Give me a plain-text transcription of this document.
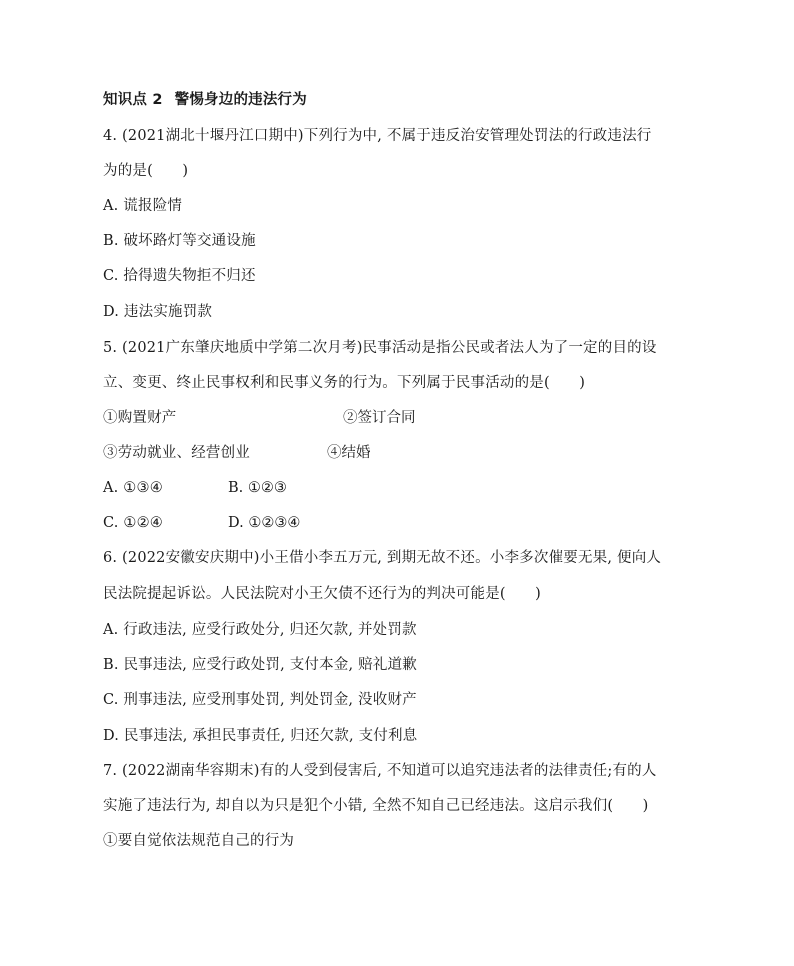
知识点 2 警惕身边的违法行为
4. (2021湖北十堰丹江口期中)下列行为中, 不属于违反治安管理处罚法的行政违法行
为的是(　　)
A. 谎报险情
B. 破坏路灯等交通设施
C. 拾得遗失物拒不归还
D. 违法实施罚款
5. (2021广东肇庆地质中学第二次月考)民事活动是指公民或者法人为了一定的目的设
立、变更、终止民事权利和民事义务的行为。下列属于民事活动的是(　　)
①购置财产	②签订合同
③劳动就业、经营创业	④结婚
A. ①③④	B. ①②③
C. ①②④	D. ①②③④
6. (2022安徽安庆期中)小王借小李五万元, 到期无故不还。小李多次催要无果, 便向人
民法院提起诉讼。人民法院对小王欠债不还行为的判决可能是(　　)
A. 行政违法, 应受行政处分, 归还欠款, 并处罚款
B. 民事违法, 应受行政处罚, 支付本金, 赔礼道歉
C. 刑事违法, 应受刑事处罚, 判处罚金, 没收财产
D. 民事违法, 承担民事责任, 归还欠款, 支付利息
7. (2022湖南华容期末)有的人受到侵害后, 不知道可以追究违法者的法律责任;有的人
实施了违法行为, 却自以为只是犯个小错, 全然不知自己已经违法。这启示我们(　　)
①要自觉依法规范自己的行为
